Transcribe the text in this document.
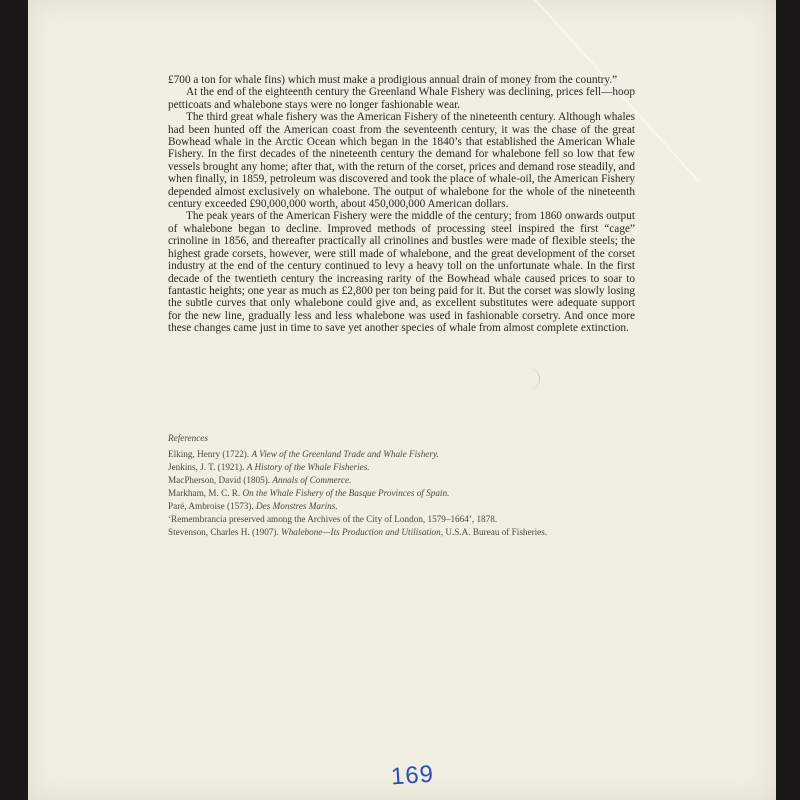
£700 a ton for whale fins) which must make a prodigious annual drain of money from the country.”

At the end of the eighteenth century the Greenland Whale Fishery was declining, prices fell—hoop petticoats and whalebone stays were no longer fashionable wear.

The third great whale fishery was the American Fishery of the nineteenth century. Although whales had been hunted off the American coast from the seventeenth century, it was the chase of the great Bowhead whale in the Arctic Ocean which began in the 1840’s that established the American Whale Fishery. In the first decades of the nineteenth century the demand for whalebone fell so low that few vessels brought any home; after that, with the return of the corset, prices and demand rose steadily, and when finally, in 1859, petroleum was discovered and took the place of whale-oil, the American Fishery depended almost exclusively on whalebone. The output of whalebone for the whole of the nineteenth century exceeded £90,000,000 worth, about 450,000,000 American dollars.

The peak years of the American Fishery were the middle of the century; from 1860 onwards output of whalebone began to decline. Improved methods of processing steel inspired the first “cage” crinoline in 1856, and thereafter practically all crinolines and bustles were made of flexible steels; the highest grade corsets, however, were still made of whalebone, and the great development of the corset industry at the end of the century continued to levy a heavy toll on the unfortunate whale. In the first decade of the twentieth century the increasing rarity of the Bowhead whale caused prices to soar to fantastic heights; one year as much as £2,800 per ton being paid for it. But the corset was slowly losing the subtle curves that only whalebone could give and, as excellent substitutes were adequate support for the new line, gradually less and less whalebone was used in fashionable corsetry. And once more these changes came just in time to save yet another species of whale from almost complete extinction.

References
Elking, Henry (1722). A View of the Greenland Trade and Whale Fishery.
Jenkins, J. T. (1921). A History of the Whale Fisheries.
MacPherson, David (1805). Annals of Commerce.
Markham, M. C. R. On the Whale Fishery of the Basque Provinces of Spain.
Paré, Ambroise (1573). Des Monstres Marins.
‘Remembrancia preserved among the Archives of the City of London, 1579–1664’, 1878.
Stevenson, Charles H. (1907). Whalebone—Its Production and Utilisation, U.S.A. Bureau of Fisheries.
169
